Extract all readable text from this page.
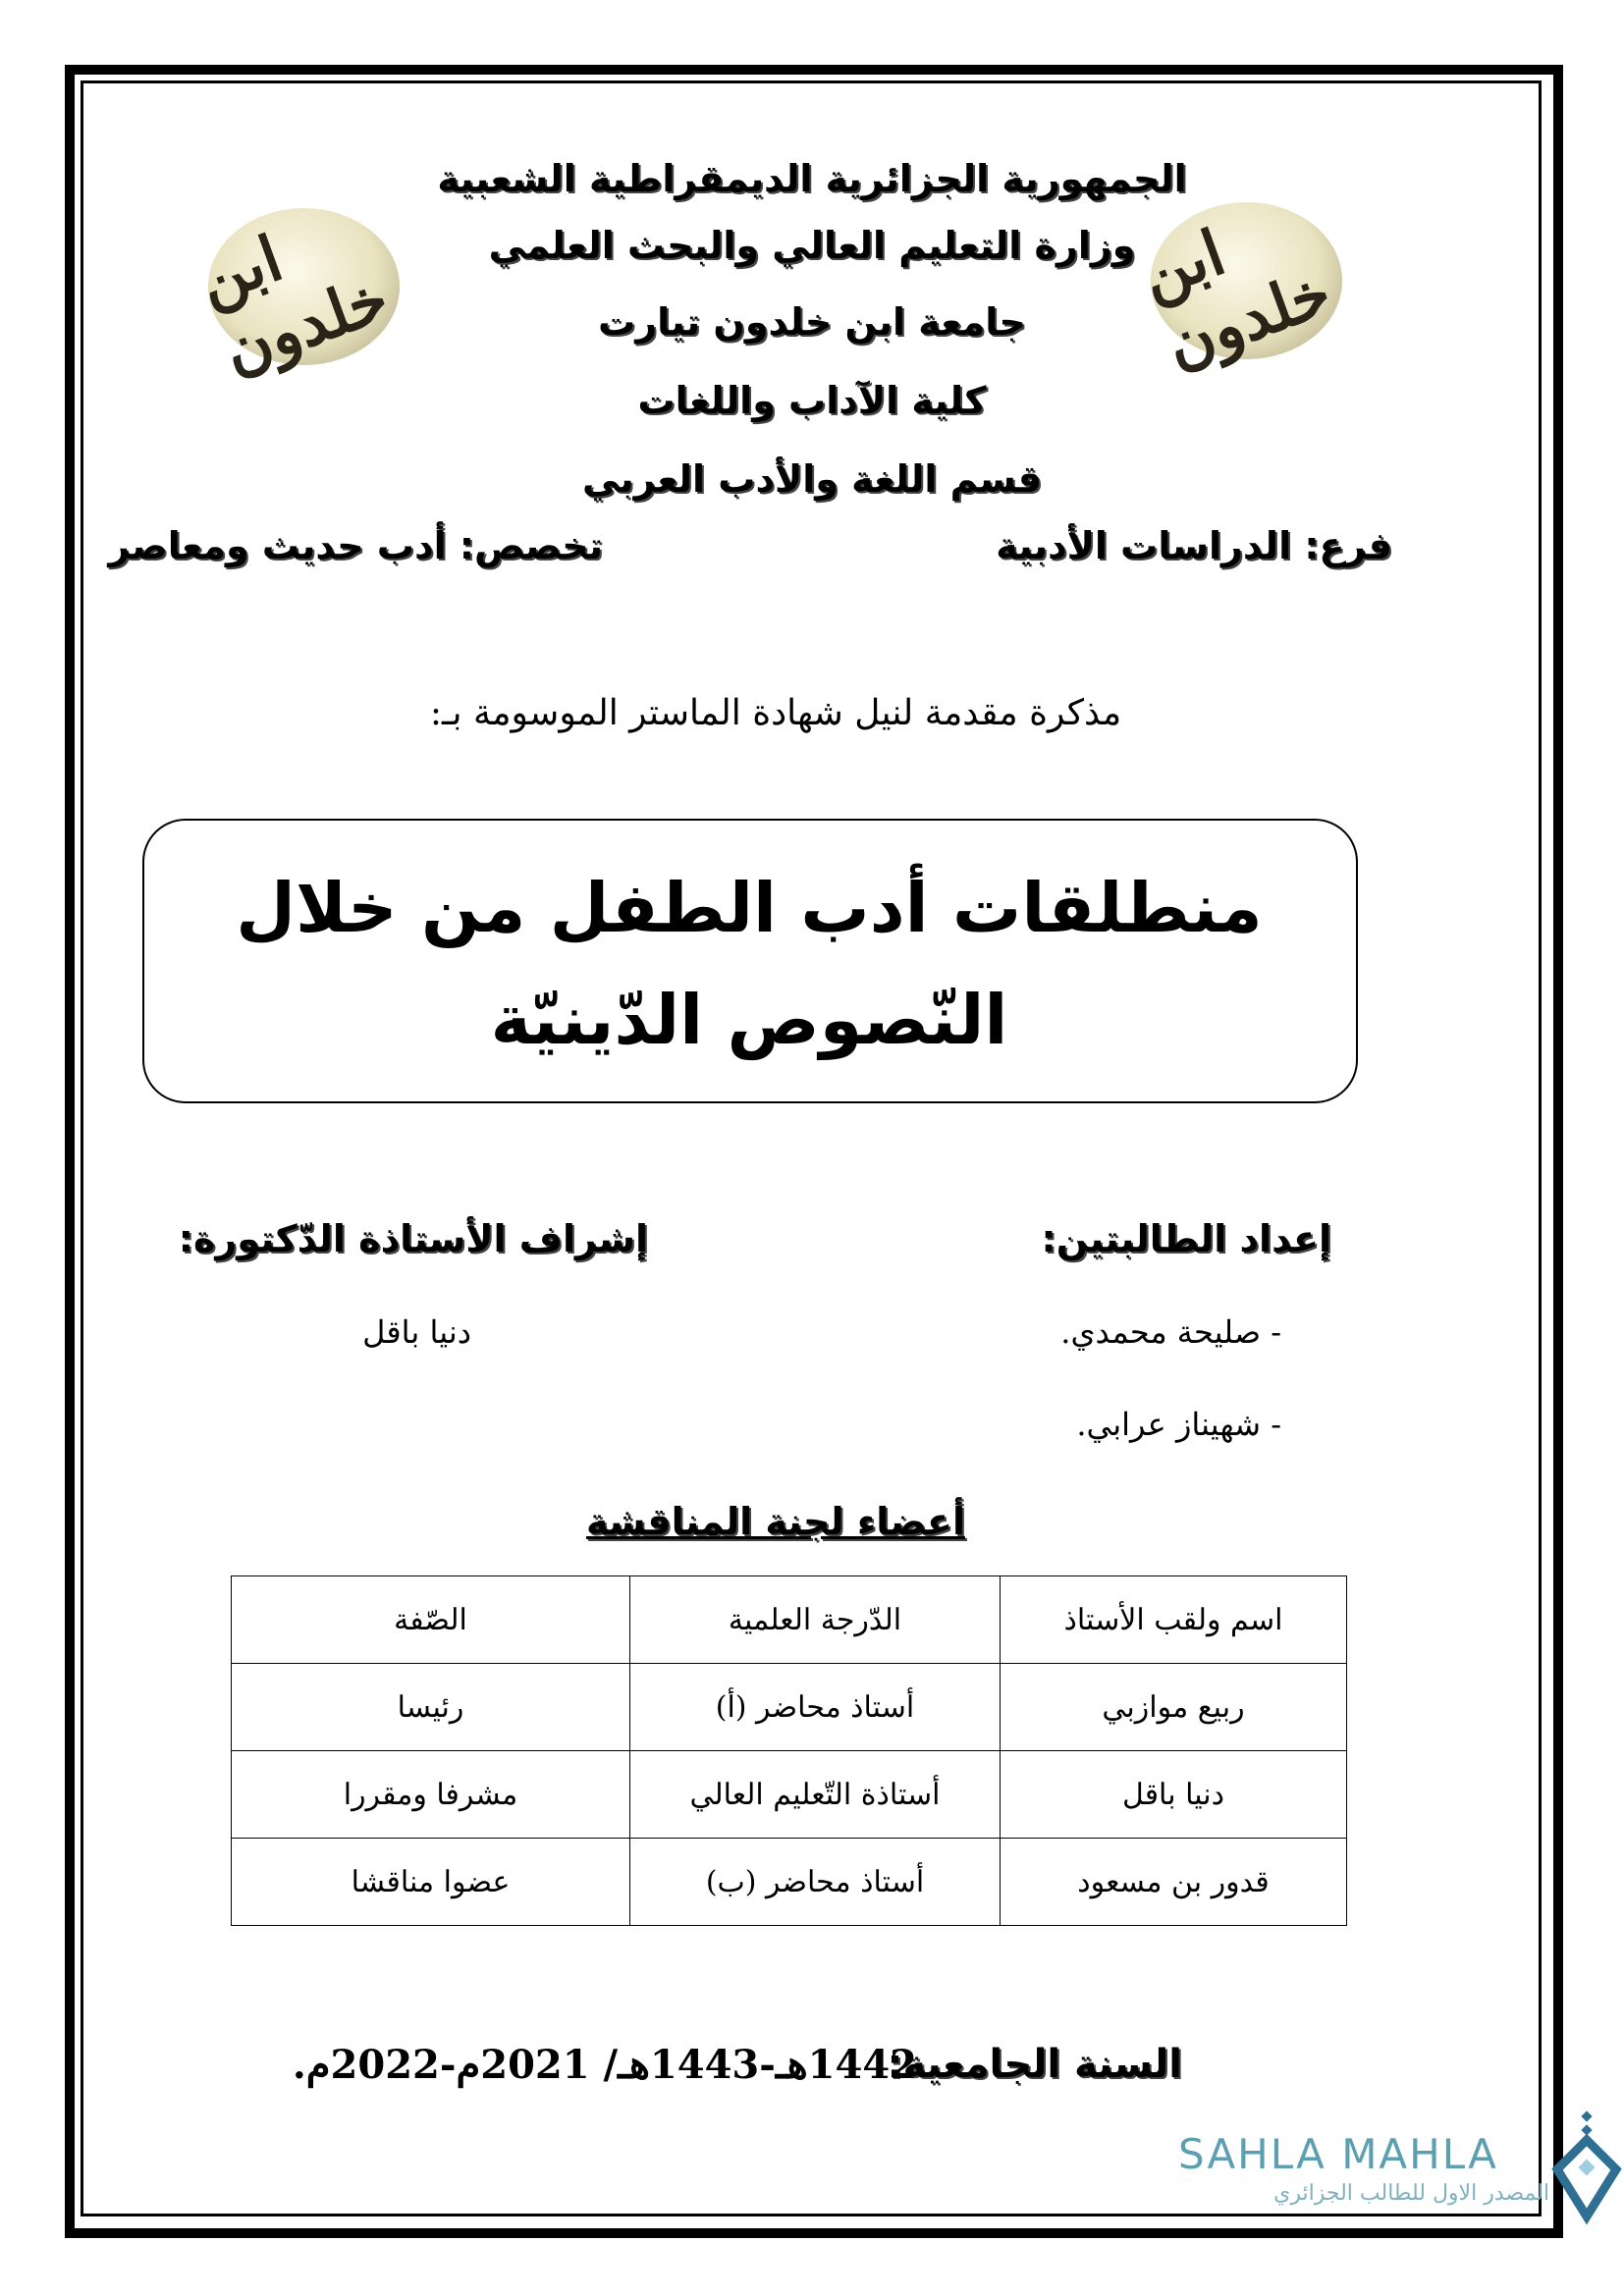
ابن خلدون	ابن خلدون
الجمهورية الجزائرية الديمقراطية الشعبية
وزارة التعليم العالي والبحث العلمي
جامعة ابن خلدون تيارت
كلية الآداب واللغات
قسم اللغة والأدب العربي
فرع: الدراسات الأدبية
تخصص: أدب حديث ومعاصر
مذكرة مقدمة لنيل شهادة الماستر الموسومة بـ:
منطلقات أدب الطفل من خلال
النّصوص الدّينيّة
إعداد الطالبتين:
إشراف الأستاذة الدّكتورة:
- صليحة محمدي.
- شهيناز عرابي.
دنيا باقل
أعضاء لجنة المناقشة
اسم ولقب الأستاذ	الدّرجة العلمية	الصّفة
ربيع موازبي	أستاذ محاضر (أ)	رئيسا
دنيا باقل	أستاذة التّعليم العالي	مشرفا ومقررا
قدور بن مسعود	أستاذ محاضر (ب)	عضوا مناقشا
السنة الجامعية:
1442هـ-1443هـ/ 2021م-2022م.
SAHLA MAHLA
المصدر الاول للطالب الجزائري
